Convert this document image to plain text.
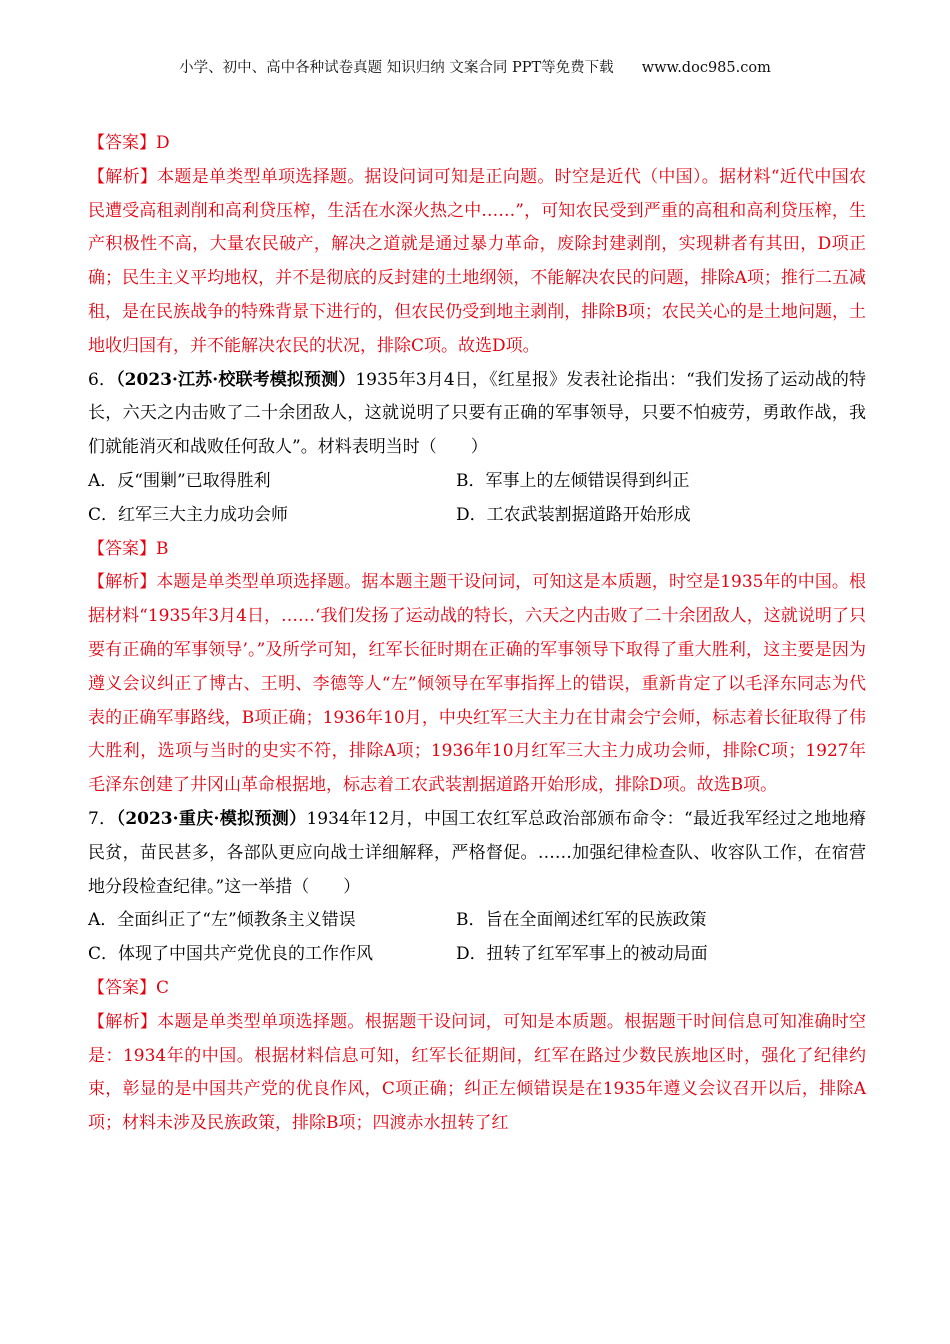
小学、初中、高中各种试卷真题 知识归纳 文案合同 PPT等免费下载 www.doc985.com
【答案】D
【解析】本题是单类型单项选择题。据设问词可知是正向题。时空是近代（中国）。据材料“近代中国农民遭受高租剥削和高利贷压榨，生活在水深火热之中……”，可知农民受到严重的高租和高利贷压榨，生产积极性不高，大量农民破产，解决之道就是通过暴力革命，废除封建剥削，实现耕者有其田，D项正确；民生主义平均地权，并不是彻底的反封建的土地纲领，不能解决农民的问题，排除A项；推行二五减租，是在民族战争的特殊背景下进行的，但农民仍受到地主剥削，排除B项；农民关心的是土地问题，土地收归国有，并不能解决农民的状况，排除C项。故选D项。
6．（2023·江苏·校联考模拟预测）1935年3月4日，《红星报》发表社论指出：“我们发扬了运动战的特长，六天之内击败了二十余团敌人，这就说明了只要有正确的军事领导，只要不怕疲劳，勇敢作战，我们就能消灭和战败任何敌人”。材料表明当时（　　）
A．反“围剿”已取得胜利	B．军事上的左倾错误得到纠正
C．红军三大主力成功会师	D．工农武装割据道路开始形成
【答案】B
【解析】本题是单类型单项选择题。据本题主题干设问词，可知这是本质题，时空是1935年的中国。根据材料“1935年3月4日，……‘我们发扬了运动战的特长，六天之内击败了二十余团敌人，这就说明了只要有正确的军事领导’。”及所学可知，红军长征时期在正确的军事领导下取得了重大胜利，这主要是因为遵义会议纠正了博古、王明、李德等人“左”倾领导在军事指挥上的错误，重新肯定了以毛泽东同志为代表的正确军事路线，B项正确；1936年10月，中央红军三大主力在甘肃会宁会师，标志着长征取得了伟大胜利，选项与当时的史实不符，排除A项；1936年10月红军三大主力成功会师，排除C项；1927年毛泽东创建了井冈山革命根据地，标志着工农武装割据道路开始形成，排除D项。故选B项。
7．（2023·重庆·模拟预测）1934年12月，中国工农红军总政治部颁布命令：“最近我军经过之地地瘠民贫，苗民甚多，各部队更应向战士详细解释，严格督促。……加强纪律检查队、收容队工作，在宿营地分段检查纪律。”这一举措（　　）
A．全面纠正了“左”倾教条主义错误	B．旨在全面阐述红军的民族政策
C．体现了中国共产党优良的工作作风	D．扭转了红军军事上的被动局面
【答案】C
【解析】本题是单类型单项选择题。根据题干设问词，可知是本质题。根据题干时间信息可知准确时空是：1934年的中国。根据材料信息可知，红军长征期间，红军在路过少数民族地区时，强化了纪律约束，彰显的是中国共产党的优良作风，C项正确；纠正左倾错误是在1935年遵义会议召开以后，排除A项；材料未涉及民族政策，排除B项；四渡赤水扭转了红
